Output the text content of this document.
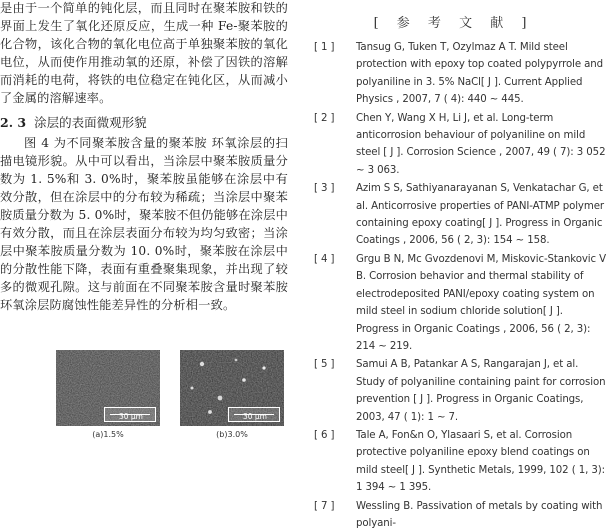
是由于一个简单的钝化层，而且同时在聚苯胺和铁的界面上发生了氧化还原反应，生成一种 Fe-聚苯胺的化合物，该化合物的氧化电位高于单独聚苯胺的氧化电位，从而使作用推动氧的还原，补偿了因铁的溶解而消耗的电荷，将铁的电位稳定在钝化区，从而减小了金属的溶解速率。

2. 3 涂层的表面微观形貌

图 4 为不同聚苯胺含量的聚苯胺 环氧涂层的扫描电镜形貌。从中可以看出，当涂层中聚苯胺质量分数为 1. 5%和 3. 0%时，聚苯胺虽能够在涂层中有效分散，但在涂层中的分布较为稀疏；当涂层中聚苯胺质量分数为 5. 0%时，聚苯胺不但仍能够在涂层中有效分散，而且在涂层表面分布较为均匀致密；当涂层中聚苯胺质量分数为 10. 0%时，聚苯胺在涂层中的分散性能下降，表面有重叠聚集现象，并出现了较多的微观孔隙。这与前面在不同聚苯胺含量时聚苯胺 环氧涂层防腐蚀性能差异性的分析相一致。

30 μm
(a)1.5%
30 μm
(b)3.0%
[ 参 考 文 献 ]
[ 1 ] Tansug G, Tuken T, Ozylmaz A T. Mild steel protection with epoxy top coated polypyrrole and polyaniline in 3. 5% NaCl[ J ]. Current Applied Physics , 2007, 7 ( 4): 440 ~ 445.
[ 2 ] Chen Y, Wang X H, Li J, et al. Long-term anticorrosion behaviour of polyaniline on mild steel [ J ]. Corrosion Science , 2007, 49 ( 7): 3 052 ~ 3 063.
[ 3 ] Azim S S, Sathiyanarayanan S, Venkatachar G, et al. Anticorrosive properties of PANI-ATMP polymer containing epoxy coating[ J ]. Progress in Organic Coatings , 2006, 56 ( 2, 3): 154 ~ 158.
[ 4 ] Grgu B N, Mc Gvozdenovi M, Miskovic-Stankovic V B. Corrosion behavior and thermal stability of electrodeposited PANI/epoxy coating system on mild steel in sodium chloride solution[ J ]. Progress in Organic Coatings , 2006, 56 ( 2, 3): 214 ~ 219.
[ 5 ] Samui A B, Patankar A S, Rangarajan J, et al. Study of polyaniline containing paint for corrosion prevention [ J ]. Progress in Organic Coatings, 2003, 47 ( 1): 1 ~ 7.
[ 6 ] Tale A, Fon&n O, Ylasaari S, et al. Corrosion protective polyaniline epoxy blend coatings on mild steel[ J ]. Synthetic Metals, 1999, 102 ( 1, 3): 1 394 ~ 1 395.
[ 7 ] Wessling B. Passivation of metals by coating with polyani-
